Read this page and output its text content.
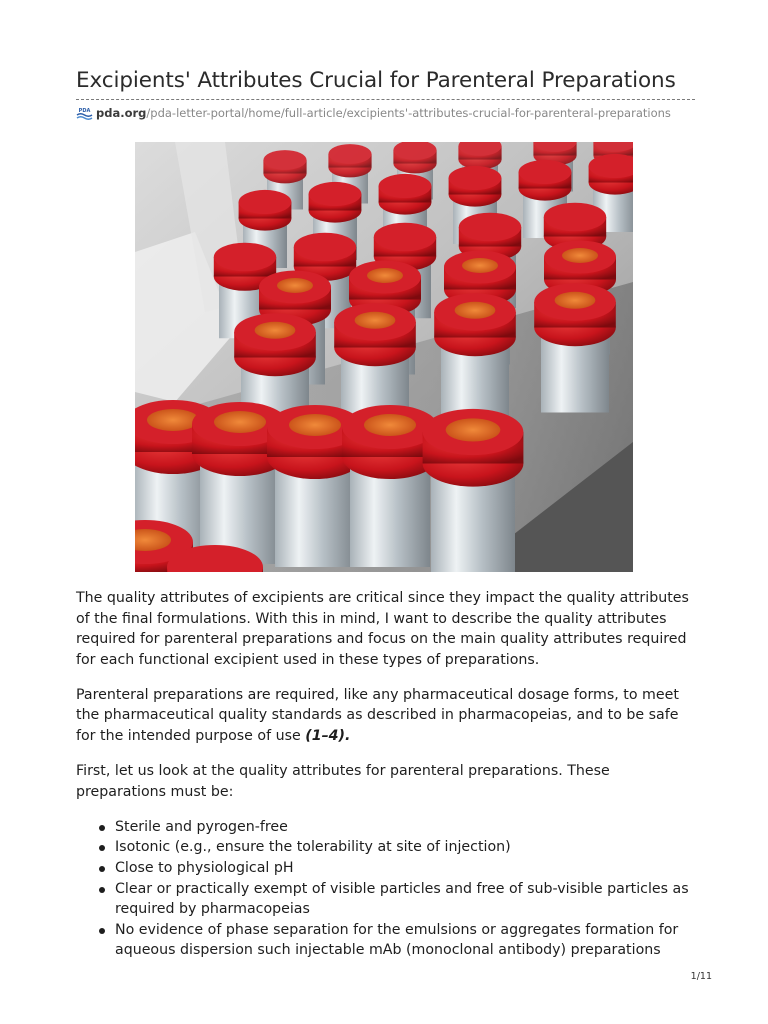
Excipients' Attributes Crucial for Parenteral Preparations
PDA pda.org /pda-letter-portal/home/full-article/excipients'-attributes-crucial-for-parenteral-preparations

The quality attributes of excipients are critical since they impact the quality attributes of the final formulations. With this in mind, I want to describe the quality attributes required for parenteral preparations and focus on the main quality attributes required for each functional excipient used in these types of preparations.

Parenteral preparations are required, like any pharmaceutical dosage forms, to meet the pharmaceutical quality standards as described in pharmacopeias, and to be safe for the intended purpose of use (1–4).

First, let us look at the quality attributes for parenteral preparations. These preparations must be:

Sterile and pyrogen-free
Isotonic (e.g., ensure the tolerability at site of injection)
Close to physiological pH
Clear or practically exempt of visible particles and free of sub-visible particles as required by pharmacopeias
No evidence of phase separation for the emulsions or aggregates formation for aqueous dispersion such injectable mAb (monoclonal antibody) preparations
1/11
